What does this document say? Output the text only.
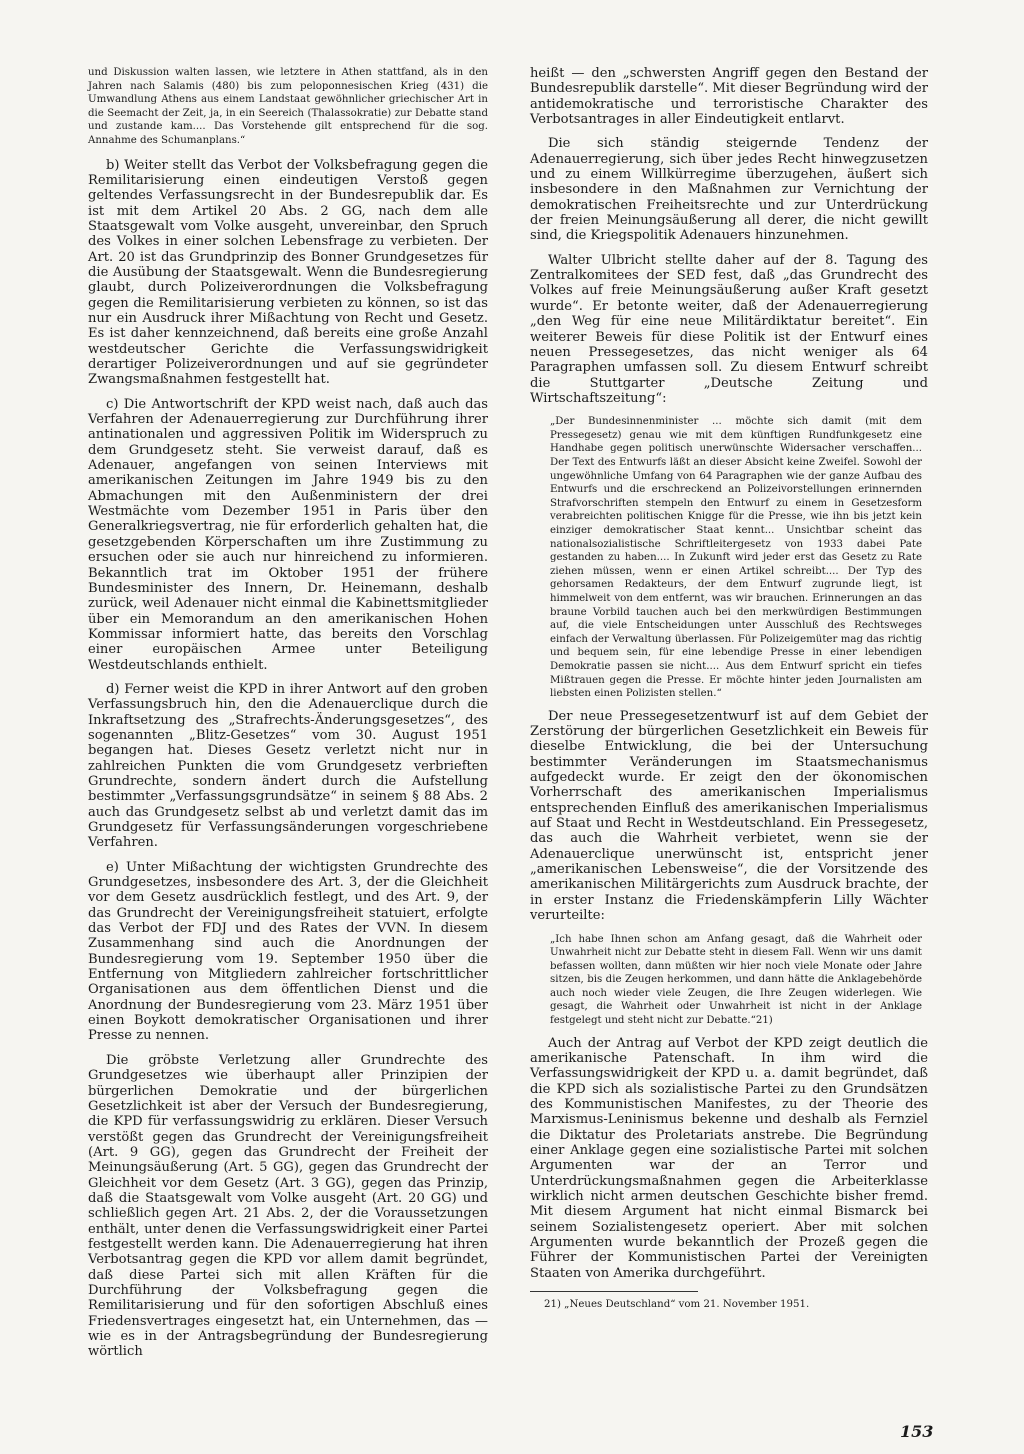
und Diskussion walten lassen, wie letztere in Athen stattfand, als in den Jahren nach Salamis (480) bis zum peloponnesischen Krieg (431) die Umwandlung Athens aus einem Landstaat gewöhnlicher griechischer Art in die Seemacht der Zeit, ja, in ein Seereich (Thalassokratie) zur Debatte stand und zustande kam.... Das Vorstehende gilt entsprechend für die sog. Annahme des Schumanplans.“

b) Weiter stellt das Verbot der Volksbefragung gegen die Remilitarisierung einen eindeutigen Verstoß gegen geltendes Verfassungsrecht in der Bundesrepublik dar. Es ist mit dem Artikel 20 Abs. 2 GG, nach dem alle Staatsgewalt vom Volke ausgeht, unvereinbar, den Spruch des Volkes in einer solchen Lebensfrage zu verbieten. Der Art. 20 ist das Grundprinzip des Bonner Grundgesetzes für die Ausübung der Staatsgewalt. Wenn die Bundesregierung glaubt, durch Polizeiverordnungen die Volksbefragung gegen die Remilitarisierung verbieten zu können, so ist das nur ein Ausdruck ihrer Mißachtung von Recht und Gesetz. Es ist daher kennzeichnend, daß bereits eine große Anzahl westdeutscher Gerichte die Verfassungswidrigkeit derartiger Polizeiverordnungen und auf sie gegründeter Zwangsmaßnahmen festgestellt hat.

c) Die Antwortschrift der KPD weist nach, daß auch das Verfahren der Adenauerregierung zur Durchführung ihrer antinationalen und aggressiven Politik im Widerspruch zu dem Grundgesetz steht. Sie verweist darauf, daß es Adenauer, angefangen von seinen Interviews mit amerikanischen Zeitungen im Jahre 1949 bis zu den Abmachungen mit den Außenministern der drei Westmächte vom Dezember 1951 in Paris über den Generalkriegsvertrag, nie für erforderlich gehalten hat, die gesetzgebenden Körperschaften um ihre Zustimmung zu ersuchen oder sie auch nur hinreichend zu informieren. Bekanntlich trat im Oktober 1951 der frühere Bundesminister des Innern, Dr. Heinemann, deshalb zurück, weil Adenauer nicht einmal die Kabinettsmitglieder über ein Memorandum an den amerikanischen Hohen Kommissar informiert hatte, das bereits den Vorschlag einer europäischen Armee unter Beteiligung Westdeutschlands enthielt.

d) Ferner weist die KPD in ihrer Antwort auf den groben Verfassungsbruch hin, den die Adenauerclique durch die Inkraftsetzung des „Strafrechts-Änderungsgesetzes“, des sogenannten „Blitz-Gesetzes“ vom 30. August 1951 begangen hat. Dieses Gesetz verletzt nicht nur in zahlreichen Punkten die vom Grundgesetz verbrieften Grundrechte, sondern ändert durch die Aufstellung bestimmter „Verfassungsgrundsätze“ in seinem § 88 Abs. 2 auch das Grundgesetz selbst ab und verletzt damit das im Grundgesetz für Verfassungsänderungen vorgeschriebene Verfahren.

e) Unter Mißachtung der wichtigsten Grundrechte des Grundgesetzes, insbesondere des Art. 3, der die Gleichheit vor dem Gesetz ausdrücklich festlegt, und des Art. 9, der das Grundrecht der Vereinigungsfreiheit statuiert, erfolgte das Verbot der FDJ und des Rates der VVN. In diesem Zusammenhang sind auch die Anordnungen der Bundesregierung vom 19. September 1950 über die Entfernung von Mitgliedern zahlreicher fortschrittlicher Organisationen aus dem öffentlichen Dienst und die Anordnung der Bundesregierung vom 23. März 1951 über einen Boykott demokratischer Organisationen und ihrer Presse zu nennen.

Die gröbste Verletzung aller Grundrechte des Grundgesetzes wie überhaupt aller Prinzipien der bürgerlichen Demokratie und der bürgerlichen Gesetzlichkeit ist aber der Versuch der Bundesregierung, die KPD für verfassungswidrig zu erklären. Dieser Versuch verstößt gegen das Grundrecht der Vereinigungsfreiheit (Art. 9 GG), gegen das Grundrecht der Freiheit der Meinungsäußerung (Art. 5 GG), gegen das Grundrecht der Gleichheit vor dem Gesetz (Art. 3 GG), gegen das Prinzip, daß die Staatsgewalt vom Volke ausgeht (Art. 20 GG) und schließlich gegen Art. 21 Abs. 2, der die Voraussetzungen enthält, unter denen die Verfassungswidrigkeit einer Partei festgestellt werden kann. Die Adenauerregierung hat ihren Verbotsantrag gegen die KPD vor allem damit begründet, daß diese Partei sich mit allen Kräften für die Durchführung der Volksbefragung gegen die Remilitarisierung und für den sofortigen Abschluß eines Friedensvertrages eingesetzt hat, ein Unternehmen, das — wie es in der Antragsbegründung der Bundesregierung wörtlich

heißt — den „schwersten Angriff gegen den Bestand der Bundesrepublik darstelle“. Mit dieser Begründung wird der antidemokratische und terroristische Charakter des Verbotsantrages in aller Eindeutigkeit entlarvt.

Die sich ständig steigernde Tendenz der Adenauerregierung, sich über jedes Recht hinwegzusetzen und zu einem Willkürregime überzugehen, äußert sich insbesondere in den Maßnahmen zur Vernichtung der demokratischen Freiheitsrechte und zur Unterdrückung der freien Meinungsäußerung all derer, die nicht gewillt sind, die Kriegspolitik Adenauers hinzunehmen.

Walter Ulbricht stellte daher auf der 8. Tagung des Zentralkomitees der SED fest, daß „das Grundrecht des Volkes auf freie Meinungsäußerung außer Kraft gesetzt wurde“. Er betonte weiter, daß der Adenauerregierung „den Weg für eine neue Militärdiktatur bereitet“. Ein weiterer Beweis für diese Politik ist der Entwurf eines neuen Pressegesetzes, das nicht weniger als 64 Paragraphen umfassen soll. Zu diesem Entwurf schreibt die Stuttgarter „Deutsche Zeitung und Wirtschaftszeitung“:

„Der Bundesinnenminister ... möchte sich damit (mit dem Pressegesetz) genau wie mit dem künftigen Rundfunkgesetz eine Handhabe gegen politisch unerwünschte Widersacher verschaffen... Der Text des Entwurfs läßt an dieser Absicht keine Zweifel. Sowohl der ungewöhnliche Umfang von 64 Paragraphen wie der ganze Aufbau des Entwurfs und die erschreckend an Polizeivorstellungen erinnernden Strafvorschriften stempeln den Entwurf zu einem in Gesetzesform verabreichten politischen Knigge für die Presse, wie ihn bis jetzt kein einziger demokratischer Staat kennt... Unsichtbar scheint das nationalsozialistische Schriftleitergesetz von 1933 dabei Pate gestanden zu haben.... In Zukunft wird jeder erst das Gesetz zu Rate ziehen müssen, wenn er einen Artikel schreibt.... Der Typ des gehorsamen Redakteurs, der dem Entwurf zugrunde liegt, ist himmelweit von dem entfernt, was wir brauchen. Erinnerungen an das braune Vorbild tauchen auch bei den merkwürdigen Bestimmungen auf, die viele Entscheidungen unter Ausschluß des Rechtsweges einfach der Verwaltung überlassen. Für Polizeigemüter mag das richtig und bequem sein, für eine lebendige Presse in einer lebendigen Demokratie passen sie nicht.... Aus dem Entwurf spricht ein tiefes Mißtrauen gegen die Presse. Er möchte hinter jeden Journalisten am liebsten einen Polizisten stellen.“

Der neue Pressegesetzentwurf ist auf dem Gebiet der Zerstörung der bürgerlichen Gesetzlichkeit ein Beweis für dieselbe Entwicklung, die bei der Untersuchung bestimmter Veränderungen im Staatsmechanismus aufgedeckt wurde. Er zeigt den der ökonomischen Vorherrschaft des amerikanischen Imperialismus entsprechenden Einfluß des amerikanischen Imperialismus auf Staat und Recht in Westdeutschland. Ein Pressegesetz, das auch die Wahrheit verbietet, wenn sie der Adenauerclique unerwünscht ist, entspricht jener „amerikanischen Lebensweise“, die der Vorsitzende des amerikanischen Militärgerichts zum Ausdruck brachte, der in erster Instanz die Friedenskämpferin Lilly Wächter verurteilte:

„Ich habe Ihnen schon am Anfang gesagt, daß die Wahrheit oder Unwahrheit nicht zur Debatte steht in diesem Fall. Wenn wir uns damit befassen wollten, dann müßten wir hier noch viele Monate oder Jahre sitzen, bis die Zeugen herkommen, und dann hätte die Anklagebehörde auch noch wieder viele Zeugen, die Ihre Zeugen widerlegen. Wie gesagt, die Wahrheit oder Unwahrheit ist nicht in der Anklage festgelegt und steht nicht zur Debatte.“21)

Auch der Antrag auf Verbot der KPD zeigt deutlich die amerikanische Patenschaft. In ihm wird die Verfassungswidrigkeit der KPD u. a. damit begründet, daß die KPD sich als sozialistische Partei zu den Grundsätzen des Kommunistischen Manifestes, zu der Theorie des Marxismus-Leninismus bekenne und deshalb als Fernziel die Diktatur des Proletariats anstrebe. Die Begründung einer Anklage gegen eine sozialistische Partei mit solchen Argumenten war der an Terror und Unterdrückungsmaßnahmen gegen die Arbeiterklasse wirklich nicht armen deutschen Geschichte bisher fremd. Mit diesem Argument hat nicht einmal Bismarck bei seinem Sozialistengesetz operiert. Aber mit solchen Argumenten wurde bekanntlich der Prozeß gegen die Führer der Kommunistischen Partei der Vereinigten Staaten von Amerika durchgeführt.

21) „Neues Deutschland“ vom 21. November 1951.

153
